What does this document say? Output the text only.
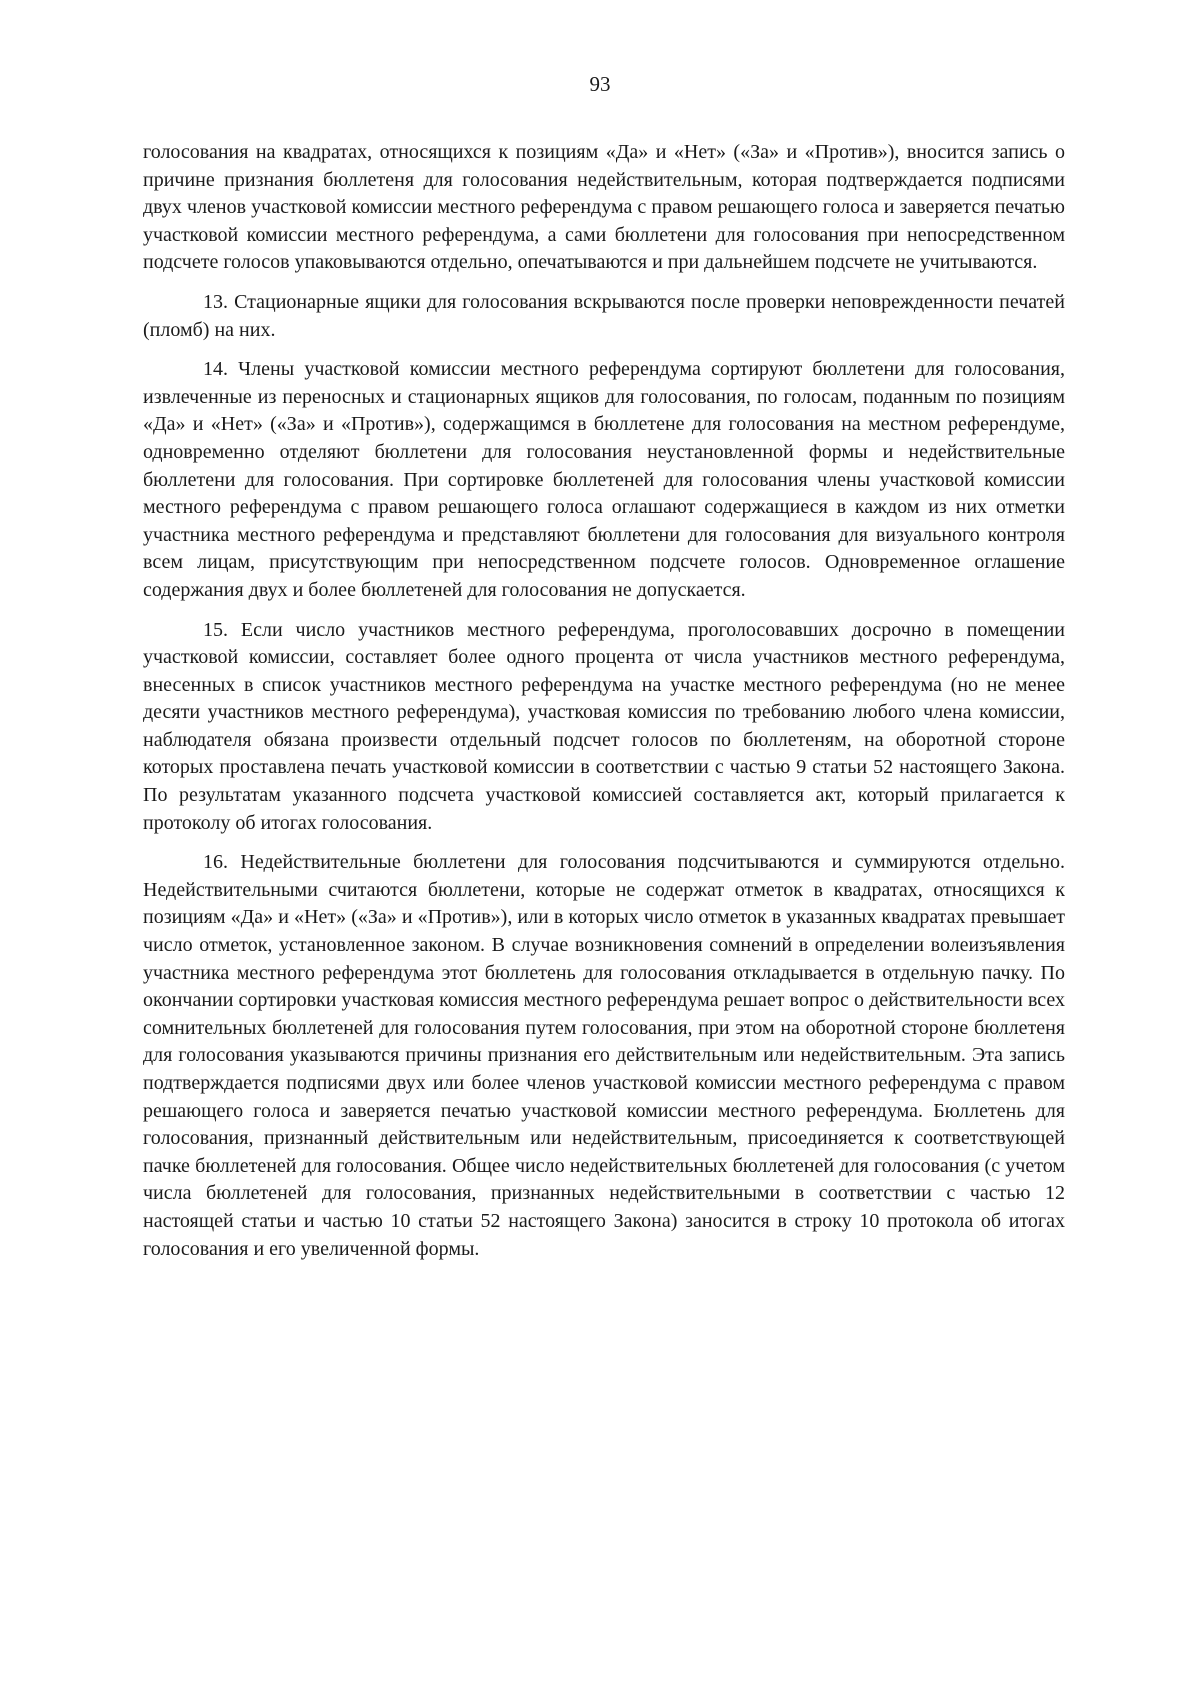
93

голосования на квадратах, относящихся к позициям «Да» и «Нет» («За» и «Против»), вносится запись о причине признания бюллетеня для голосования недействительным, которая подтверждается подписями двух членов участковой комиссии местного референдума с правом решающего голоса и заверяется печатью участковой комиссии местного референдума, а сами бюллетени для голосования при непосредственном подсчете голосов упаковываются отдельно, опечатываются и при дальнейшем подсчете не учитываются.

13. Стационарные ящики для голосования вскрываются после проверки неповрежденности печатей (пломб) на них.

14. Члены участковой комиссии местного референдума сортируют бюллетени для голосования, извлеченные из переносных и стационарных ящиков для голосования, по голосам, поданным по позициям «Да» и «Нет» («За» и «Против»), содержащимся в бюллетене для голосования на местном референдуме, одновременно отделяют бюллетени для голосования неустановленной формы и недействительные бюллетени для голосования. При сортировке бюллетеней для голосования члены участковой комиссии местного референдума с правом решающего голоса оглашают содержащиеся в каждом из них отметки участника местного референдума и представляют бюллетени для голосования для визуального контроля всем лицам, присутствующим при непосредственном подсчете голосов. Одновременное оглашение содержания двух и более бюллетеней для голосования не допускается.

15. Если число участников местного референдума, проголосовавших досрочно в помещении участковой комиссии, составляет более одного процента от числа участников местного референдума, внесенных в список участников местного референдума на участке местного референдума (но не менее десяти участников местного референдума), участковая комиссия по требованию любого члена комиссии, наблюдателя обязана произвести отдельный подсчет голосов по бюллетеням, на оборотной стороне которых проставлена печать участковой комиссии в соответствии с частью 9 статьи 52 настоящего Закона. По результатам указанного подсчета участковой комиссией составляется акт, который прилагается к протоколу об итогах голосования.

16. Недействительные бюллетени для голосования подсчитываются и суммируются отдельно. Недействительными считаются бюллетени, которые не содержат отметок в квадратах, относящихся к позициям «Да» и «Нет» («За» и «Против»), или в которых число отметок в указанных квадратах превышает число отметок, установленное законом. В случае возникновения сомнений в определении волеизъявления участника местного референдума этот бюллетень для голосования откладывается в отдельную пачку. По окончании сортировки участковая комиссия местного референдума решает вопрос о действительности всех сомнительных бюллетеней для голосования путем голосования, при этом на оборотной стороне бюллетеня для голосования указываются причины признания его действительным или недействительным. Эта запись подтверждается подписями двух или более членов участковой комиссии местного референдума с правом решающего голоса и заверяется печатью участковой комиссии местного референдума. Бюллетень для голосования, признанный действительным или недействительным, присоединяется к соответствующей пачке бюллетеней для голосования. Общее число недействительных бюллетеней для голосования (с учетом числа бюллетеней для голосования, признанных недействительными в соответствии с частью 12 настоящей статьи и частью 10 статьи 52 настоящего Закона) заносится в строку 10 протокола об итогах голосования и его увеличенной формы.
